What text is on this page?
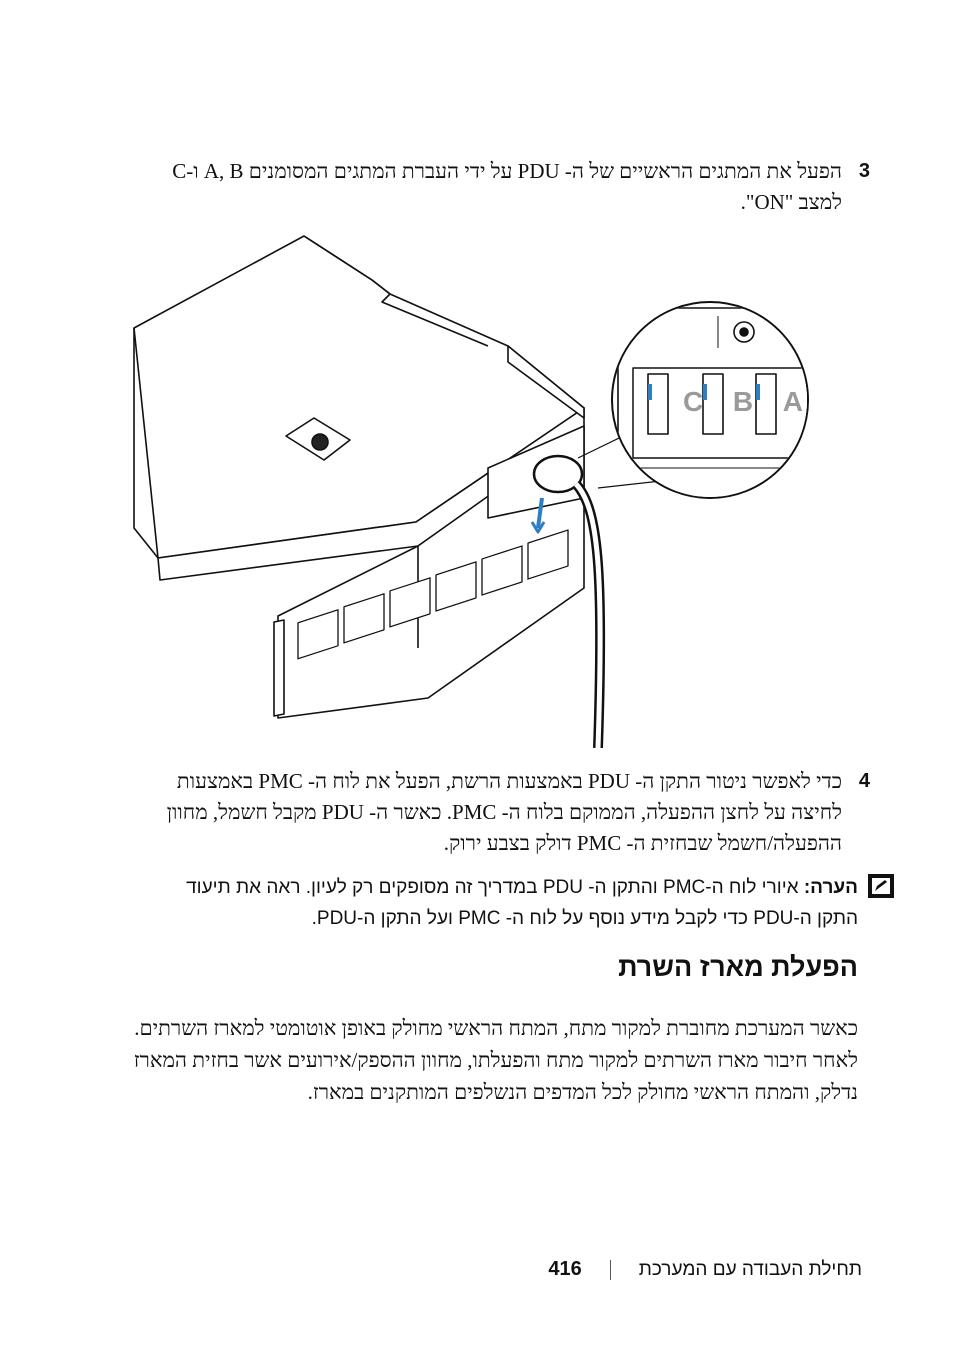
3
הפעל את המתגים הראשיים של ה- PDU על ידי העברת המתגים המסומנים A, B ו-C למצב "ON".
C B A
4
כדי לאפשר ניטור התקן ה- PDU באמצעות הרשת, הפעל את לוח ה- PMC באמצעות לחיצה על לחצן ההפעלה, הממוקם בלוח ה- PMC. כאשר ה- PDU מקבל חשמל, מחוון ההפעלה/חשמל שבחזית ה- PMC דולק בצבע ירוק.
הערה: איורי לוח ה-PMC והתקן ה- PDU במדריך זה מסופקים רק לעיון. ראה את תיעוד התקן ה-PDU כדי לקבל מידע נוסף על לוח ה- PMC ועל התקן ה-PDU.
הפעלת מארז השרת
כאשר המערכת מחוברת למקור מתח, המתח הראשי מחולק באופן אוטומטי למארז השרתים. לאחר חיבור מארז השרתים למקור מתח והפעלתו, מחוון ההספק/אירועים אשר בחזית המארז נדלק, והמתח הראשי מחולק לכל המדפים הנשלפים המותקנים במארז.
416	תחילת העבודה עם המערכת
